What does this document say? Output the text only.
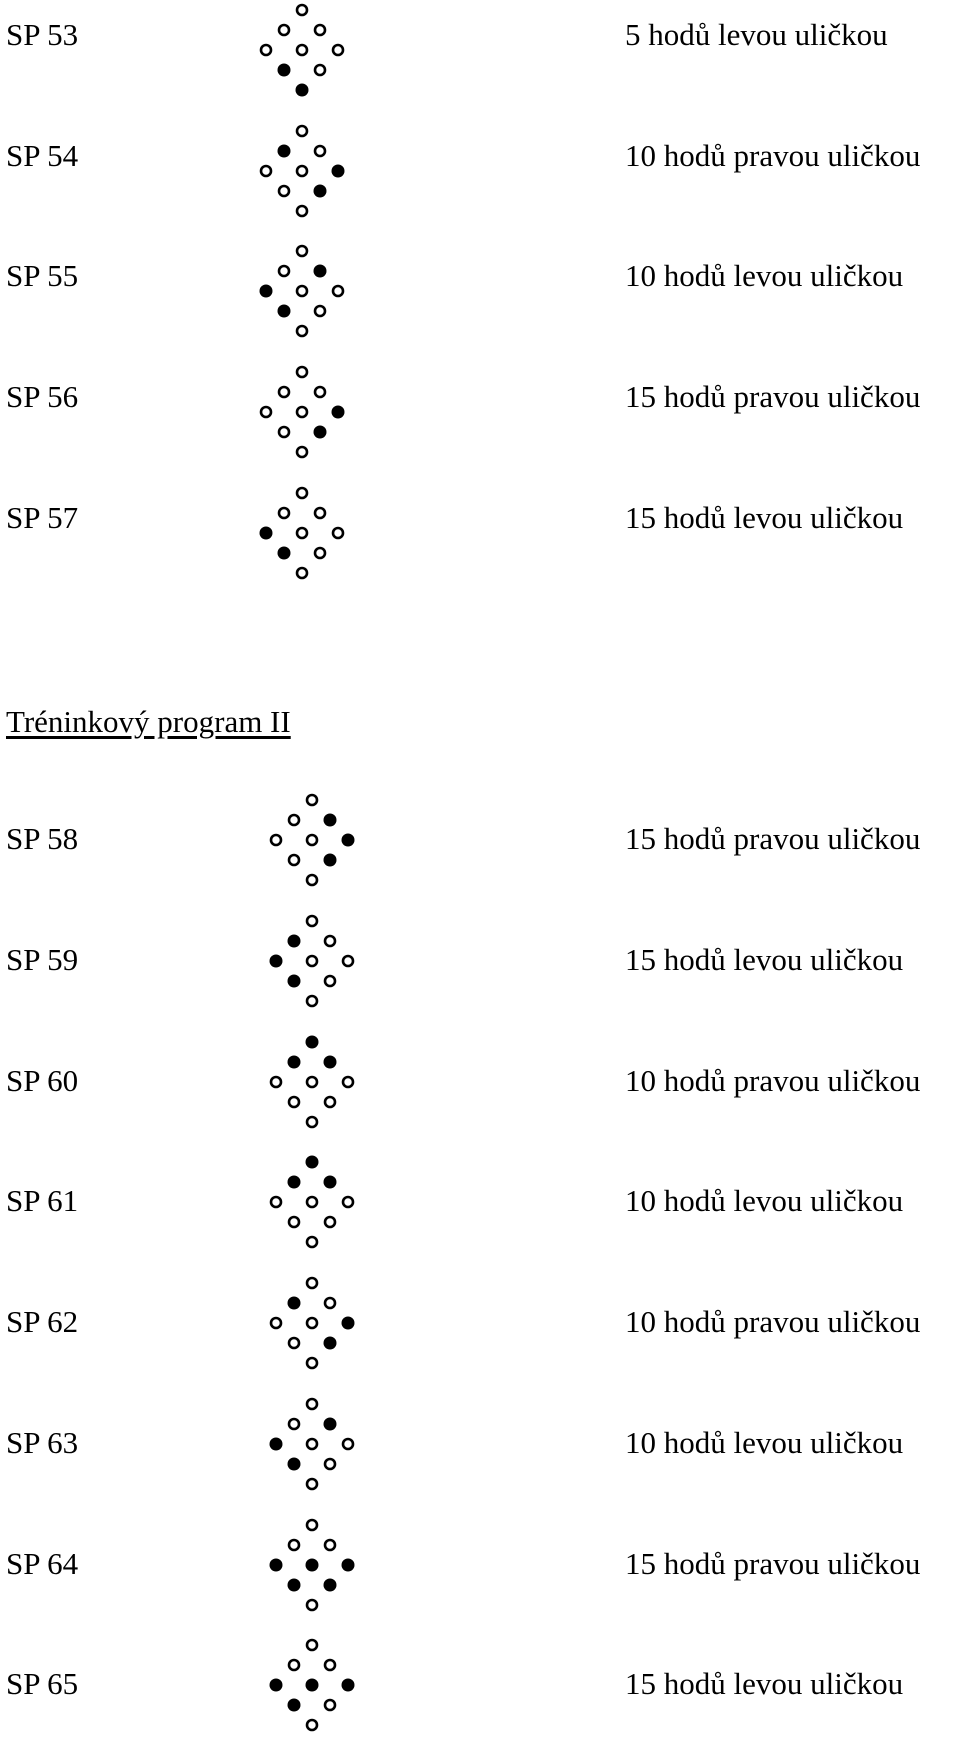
SP 53	5 hodů levou uličkou
SP 54	10 hodů pravou uličkou
SP 55	10 hodů levou uličkou
SP 56	15 hodů pravou uličkou
SP 57	15 hodů levou uličkou
Tréninkový program II
SP 58	15 hodů pravou uličkou
SP 59	15 hodů levou uličkou
SP 60	10 hodů pravou uličkou
SP 61	10 hodů levou uličkou
SP 62	10 hodů pravou uličkou
SP 63	10 hodů levou uličkou
SP 64	15 hodů pravou uličkou
SP 65	15 hodů levou uličkou
